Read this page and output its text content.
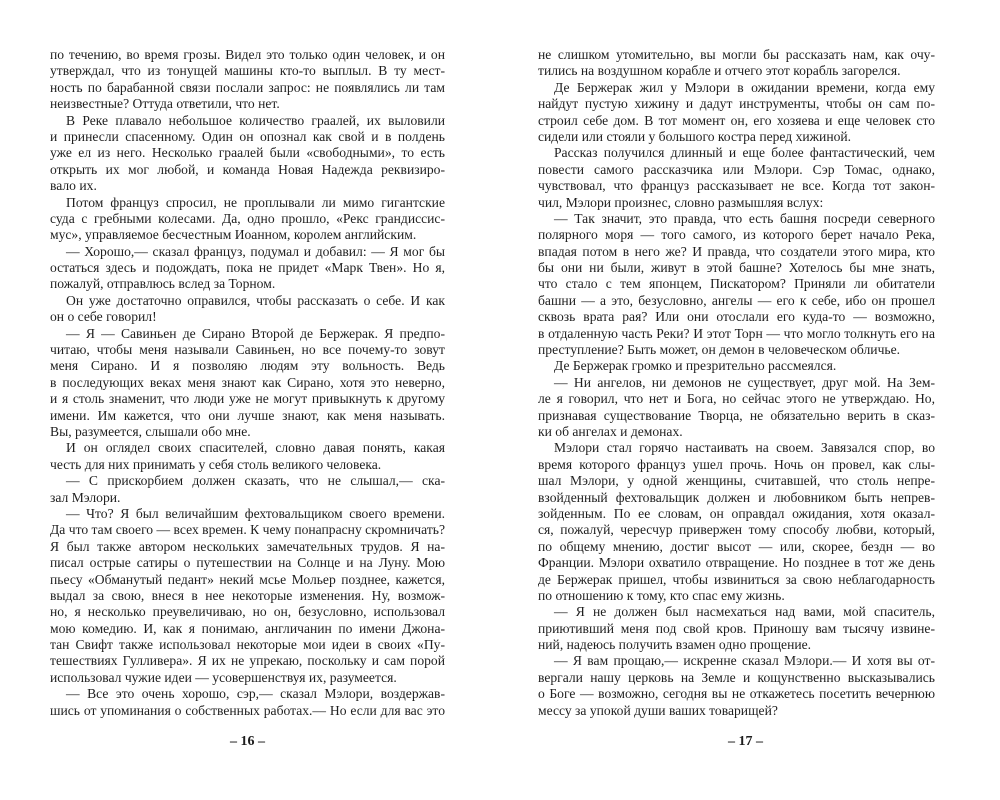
по течению, во время грозы. Видел это только один человек, и он
утверждал, что из тонущей машины кто-то выплыл. В ту мест-
ность по барабанной связи послали запрос: не появлялись ли там
неизвестные? Оттуда ответили, что нет.
В Реке плавало небольшое количество граалей, их выловили
и принесли спасенному. Один он опознал как свой и в полдень
уже ел из него. Несколько граалей были «свободными», то есть
открыть их мог любой, и команда Новая Надежда реквизиро-
вало их.
Потом француз спросил, не проплывали ли мимо гигантские
суда с гребными колесами. Да, одно прошло, «Рекс грандиссис-
мус», управляемое бесчестным Иоанном, королем английским.
— Хорошо,— сказал француз, подумал и добавил: — Я мог бы
остаться здесь и подождать, пока не придет «Марк Твен». Но я,
пожалуй, отправлюсь вслед за Торном.
Он уже достаточно оправился, чтобы рассказать о себе. И как
он о себе говорил!
— Я — Савиньен де Сирано Второй де Бержерак. Я предпо-
читаю, чтобы меня называли Савиньен, но все почему-то зовут
меня Сирано. И я позволяю людям эту вольность. Ведь
в последующих веках меня знают как Сирано, хотя это неверно,
и я столь знаменит, что люди уже не могут привыкнуть к другому
имени. Им кажется, что они лучше знают, как меня называть.
Вы, разумеется, слышали обо мне.
И он оглядел своих спасителей, словно давая понять, какая
честь для них принимать у себя столь великого человека.
— С прискорбием должен сказать, что не слышал,— ска-
зал Мэлори.
— Что? Я был величайшим фехтовальщиком своего времени.
Да что там своего — всех времен. К чему понапрасну скромничать?
Я был также автором нескольких замечательных трудов. Я на-
писал острые сатиры о путешествии на Солнце и на Луну. Мою
пьесу «Обманутый педант» некий мсье Мольер позднее, кажется,
выдал за свою, внеся в нее некоторые изменения. Ну, возмож-
но, я несколько преувеличиваю, но он, безусловно, использовал
мою комедию. И, как я понимаю, англичанин по имени Джона-
тан Свифт также использовал некоторые мои идеи в своих «Пу-
тешествиях Гулливера». Я их не упрекаю, поскольку и сам порой
использовал чужие идеи — усовершенствуя их, разумеется.
— Все это очень хорошо, сэр,— сказал Мэлори, воздержав-
шись от упоминания о собственных работах.— Но если для вас это
– 16 –
не слишком утомительно, вы могли бы рассказать нам, как очу-
тились на воздушном корабле и отчего этот корабль загорелся.
Де Бержерак жил у Мэлори в ожидании времени, когда ему
найдут пустую хижину и дадут инструменты, чтобы он сам по-
строил себе дом. В тот момент он, его хозяева и еще человек сто
сидели или стояли у большого костра перед хижиной.
Рассказ получился длинный и еще более фантастический, чем
повести самого рассказчика или Мэлори. Сэр Томас, однако,
чувствовал, что француз рассказывает не все. Когда тот закон-
чил, Мэлори произнес, словно размышляя вслух:
— Так значит, это правда, что есть башня посреди северного
полярного моря — того самого, из которого берет начало Река,
впадая потом в него же? И правда, что создатели этого мира, кто
бы они ни были, живут в этой башне? Хотелось бы мне знать,
что стало с тем японцем, Пискатором? Приняли ли обитатели
башни — а это, безусловно, ангелы — его к себе, ибо он прошел
сквозь врата рая? Или они отослали его куда-то — возможно,
в отдаленную часть Реки? И этот Торн — что могло толкнуть его на
преступление? Быть может, он демон в человеческом обличье.
Де Бержерак громко и презрительно рассмеялся.
— Ни ангелов, ни демонов не существует, друг мой. На Зем-
ле я говорил, что нет и Бога, но сейчас этого не утверждаю. Но,
признавая существование Творца, не обязательно верить в сказ-
ки об ангелах и демонах.
Мэлори стал горячо настаивать на своем. Завязался спор, во
время которого француз ушел прочь. Ночь он провел, как слы-
шал Мэлори, у одной женщины, считавшей, что столь непре-
взойденный фехтовальщик должен и любовником быть непрев-
зойденным. По ее словам, он оправдал ожидания, хотя оказал-
ся, пожалуй, чересчур привержен тому способу любви, который,
по общему мнению, достиг высот — или, скорее, бездн — во
Франции. Мэлори охватило отвращение. Но позднее в тот же день
де Бержерак пришел, чтобы извиниться за свою неблагодарность
по отношению к тому, кто спас ему жизнь.
— Я не должен был насмехаться над вами, мой спаситель,
приютивший меня под свой кров. Приношу вам тысячу извине-
ний, надеюсь получить взамен одно прощение.
— Я вам прощаю,— искренне сказал Мэлори.— И хотя вы от-
вергали нашу церковь на Земле и кощунственно высказывались
о Боге — возможно, сегодня вы не откажетесь посетить вечернюю
мессу за упокой души ваших товарищей?
– 17 –
